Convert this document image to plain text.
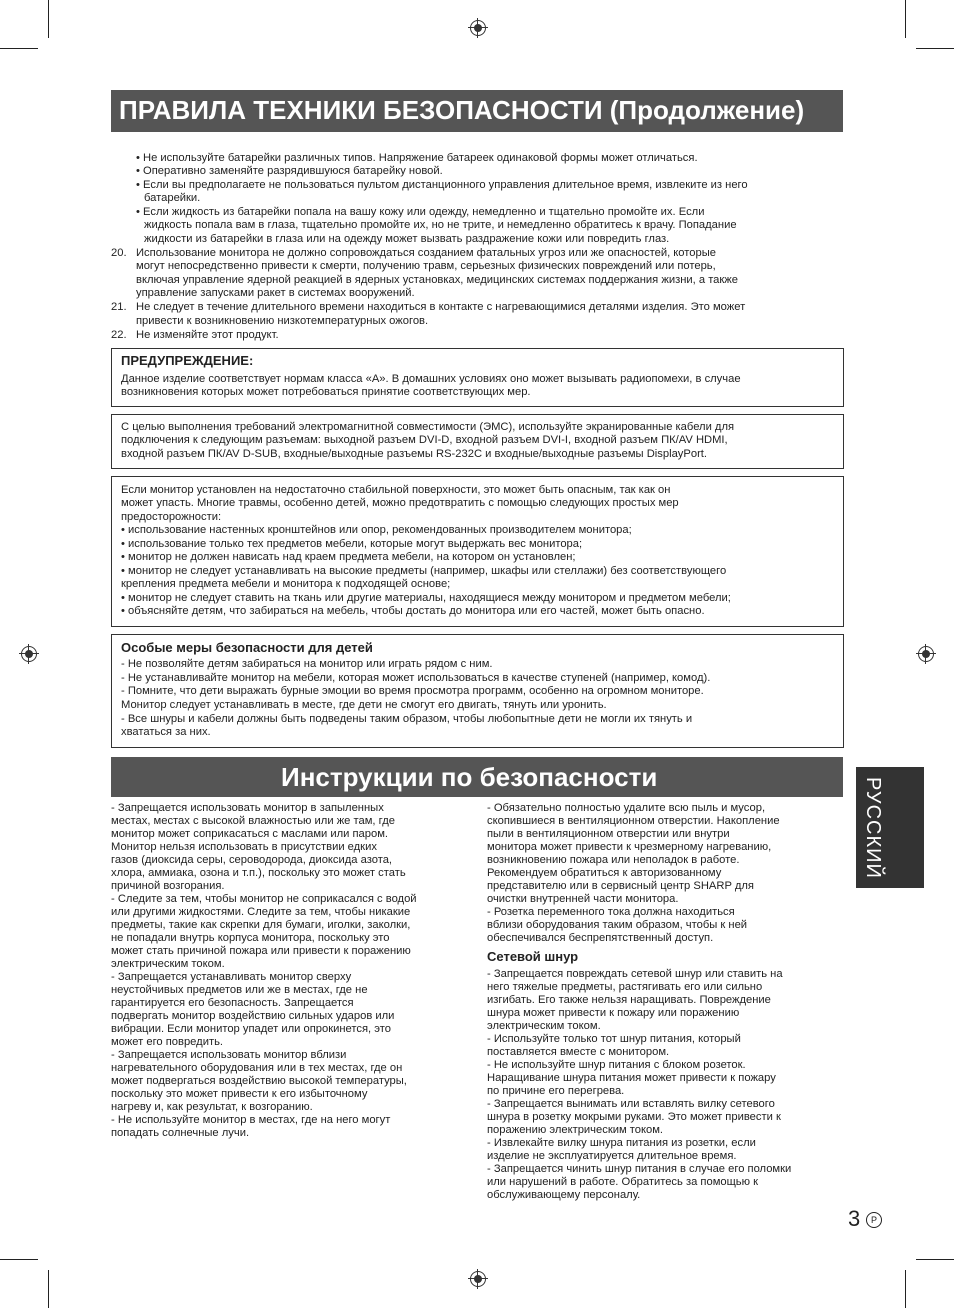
ПРАВИЛА ТЕХНИКИ БЕЗОПАСНОСТИ (Продолжение)
• Не используйте батарейки различных типов. Напряжение батареек одинаковой формы может отличаться.
• Оперативно заменяйте разрядившуюся батарейку новой.
• Если вы предполагаете не пользоваться пультом дистанционного управления длительное время, извлеките из него
батарейки.
• Если жидкость из батарейки попала на вашу кожу или одежду, немедленно и тщательно промойте их. Если
жидкость попала вам в глаза, тщательно промойте их, но не трите, и немедленно обратитесь к врачу. Попадание
жидкости из батарейки в глаза или на одежду может вызвать раздражение кожи или повредить глаз.
20. Использование монитора не должно сопровождаться созданием фатальных угроз или же опасностей, которые
могут непосредственно привести к смерти, получению травм, серьезных физических повреждений или потерь,
включая управление ядерной реакцией в ядерных установках, медицинских системах поддержания жизни, а также
управление запусками ракет в системах вооружений.
21. Не следует в течение длительного времени находиться в контакте с нагревающимися деталями изделия. Это может
привести к возникновению низкотемпературных ожогов.
22. Не изменяйте этот продукт.
ПРЕДУПРЕЖДЕНИЕ:
Данное изделие соответствует нормам класса «A». В домашних условиях оно может вызывать радиопомехи, в случае
возникновения которых может потребоваться принятие соответствующих мер.
С целью выполнения требований электромагнитной совместимости (ЭМС), используйте экранированные кабели для
подключения к следующим разъемам: выходной разъем DVI-D, входной разъем DVI-I, входной разъем ПК/AV HDMI,
входной разъем ПК/AV D-SUB, входные/выходные разъемы RS-232C и входные/выходные разъемы DisplayPort.
Если монитор установлен на недостаточно стабильной поверхности, это может быть опасным, так как он
может упасть. Многие травмы, особенно детей, можно предотвратить с помощью следующих простых мер
предосторожности:
• использование настенных кронштейнов или опор, рекомендованных производителем монитора;
• использование только тех предметов мебели, которые могут выдержать вес монитора;
• монитор не должен нависать над краем предмета мебели, на котором он установлен;
• монитор не следует устанавливать на высокие предметы (например, шкафы или стеллажи) без соответствующего
крепления предмета мебели и монитора к подходящей основе;
• монитор не следует ставить на ткань или другие материалы, находящиеся между монитором и предметом мебели;
• объясняйте детям, что забираться на мебель, чтобы достать до монитора или его частей, может быть опасно.
Особые меры безопасности для детей
- Не позволяйте детям забираться на монитор или играть рядом с ним.
- Не устанавливайте монитор на мебели, которая может использоваться в качестве ступеней (например, комод).
- Помните, что дети выражать бурные эмоции во время просмотра программ, особенно на огромном мониторе.
Монитор следует устанавливать в месте, где дети не смогут его двигать, тянуть или уронить.
- Все шнуры и кабели должны быть подведены таким образом, чтобы любопытные дети не могли их тянуть и
хвататься за них.
Инструкции по безопасности
- Запрещается использовать монитор в запыленных
местах, местах с высокой влажностью или же там, где
монитор может соприкасаться с маслами или паром.
Монитор нельзя использовать в присутствии едких
газов (диоксида серы, сероводорода, диоксида азота,
хлора, аммиака, озона и т.п.), поскольку это может стать
причиной возгорания.
- Следите за тем, чтобы монитор не соприкасался с водой
или другими жидкостями. Следите за тем, чтобы никакие
предметы, такие как скрепки для бумаги, иголки, заколки,
не попадали внутрь корпуса монитора, поскольку это
может стать причиной пожара или привести к поражению
электрическим током.
- Запрещается устанавливать монитор сверху
неустойчивых предметов или же в местах, где не
гарантируется его безопасность. Запрещается
подвергать монитор воздействию сильных ударов или
вибрации. Если монитор упадет или опрокинется, это
может его повредить.
- Запрещается использовать монитор вблизи
нагревательного оборудования или в тех местах, где он
может подвергаться воздействию высокой температуры,
поскольку это может привести к его избыточному
нагреву и, как результат, к возгоранию.
- Не используйте монитор в местах, где на него могут
попадать солнечные лучи.
- Обязательно полностью удалите всю пыль и мусор,
скопившиеся в вентиляционном отверстии. Накопление
пыли в вентиляционном отверстии или внутри
монитора может привести к чрезмерному нагреванию,
возникновению пожара или неполадок в работе.
Рекомендуем обратиться к авторизованному
представителю или в сервисный центр SHARP для
очистки внутренней части монитора.
- Розетка переменного тока должна находиться
вблизи оборудования таким образом, чтобы к ней
обеспечивался беспрепятственный доступ.
Сетевой шнур
- Запрещается повреждать сетевой шнур или ставить на
него тяжелые предметы, растягивать его или сильно
изгибать. Его также нельзя наращивать. Повреждение
шнура может привести к пожару или поражению
электрическим током.
- Используйте только тот шнур питания, который
поставляется вместе с монитором.
- Не используйте шнур питания с блоком розеток.
Наращивание шнура питания может привести к пожару
по причине его перегрева.
- Запрещается вынимать или вставлять вилку сетевого
шнура в розетку мокрыми руками. Это может привести к
поражению электрическим током.
- Извлекайте вилку шнура питания из розетки, если
изделие не эксплуатируется длительное время.
- Запрещается чинить шнур питания в случае его поломки
или нарушений в работе. Обратитесь за помощью к
обслуживающему персоналу.
РУССКИЙ
3	P
